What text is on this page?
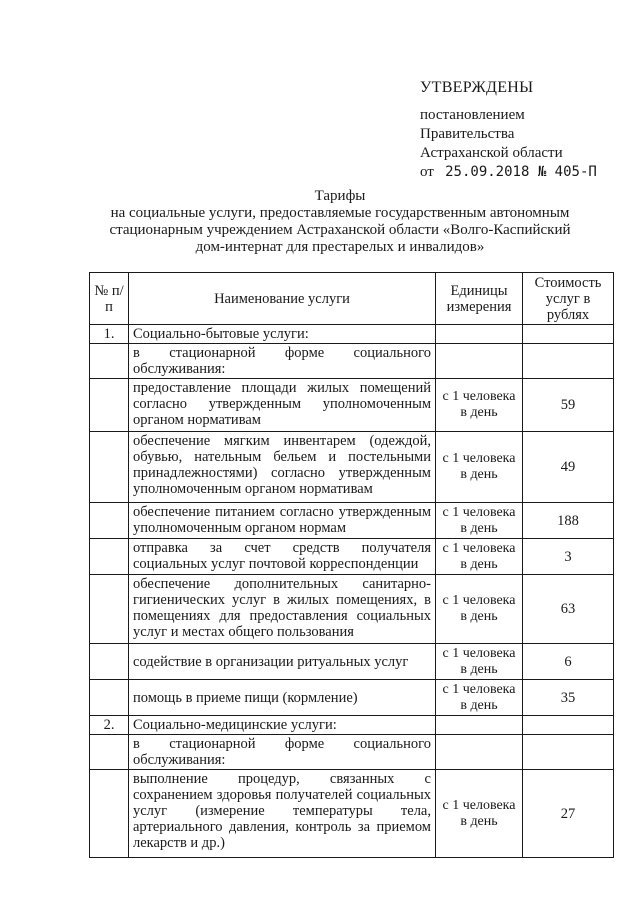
УТВЕРЖДЕНЫ
постановлением
Правительства
Астраханской области
от 25.09.2018 № 405-П
Тарифы
на социальные услуги, предоставляемые государственным автономным
стационарным учреждением Астраханской области «Волго-Каспийский
дом-интернат для престарелых и инвалидов»
№ п/п	Наименование услуги	Единицы измерения	Стоимость услуг в рублях
1.	Социально-бытовые услуги:		
	в стационарной форме социального обслуживания:		
	предоставление площади жилых помещений согласно утвержденным уполномоченным органом нормативам	с 1 человека в день	59
	обеспечение мягким инвентарем (одеждой, обувью, нательным бельем и постельными принадлежностями) согласно утвержденным уполномоченным органом нормативам	с 1 человека в день	49
	обеспечение питанием согласно утвержденным уполномоченным органом нормам	с 1 человека в день	188
	отправка за счет средств получателя социальных услуг почтовой корреспонденции	с 1 человека в день	3
	обеспечение дополнительных санитарно-гигиенических услуг в жилых помещениях, в помещениях для предоставления социальных услуг и местах общего пользования	с 1 человека в день	63
	содействие в организации ритуальных услуг	с 1 человека в день	6
	помощь в приеме пищи (кормление)	с 1 человека в день	35
2.	Социально-медицинские услуги:		
	в стационарной форме социального обслуживания:		
	выполнение процедур, связанных с сохранением здоровья получателей социальных услуг (измерение температуры тела, артериального давления, контроль за приемом лекарств и др.)	с 1 человека в день	27
